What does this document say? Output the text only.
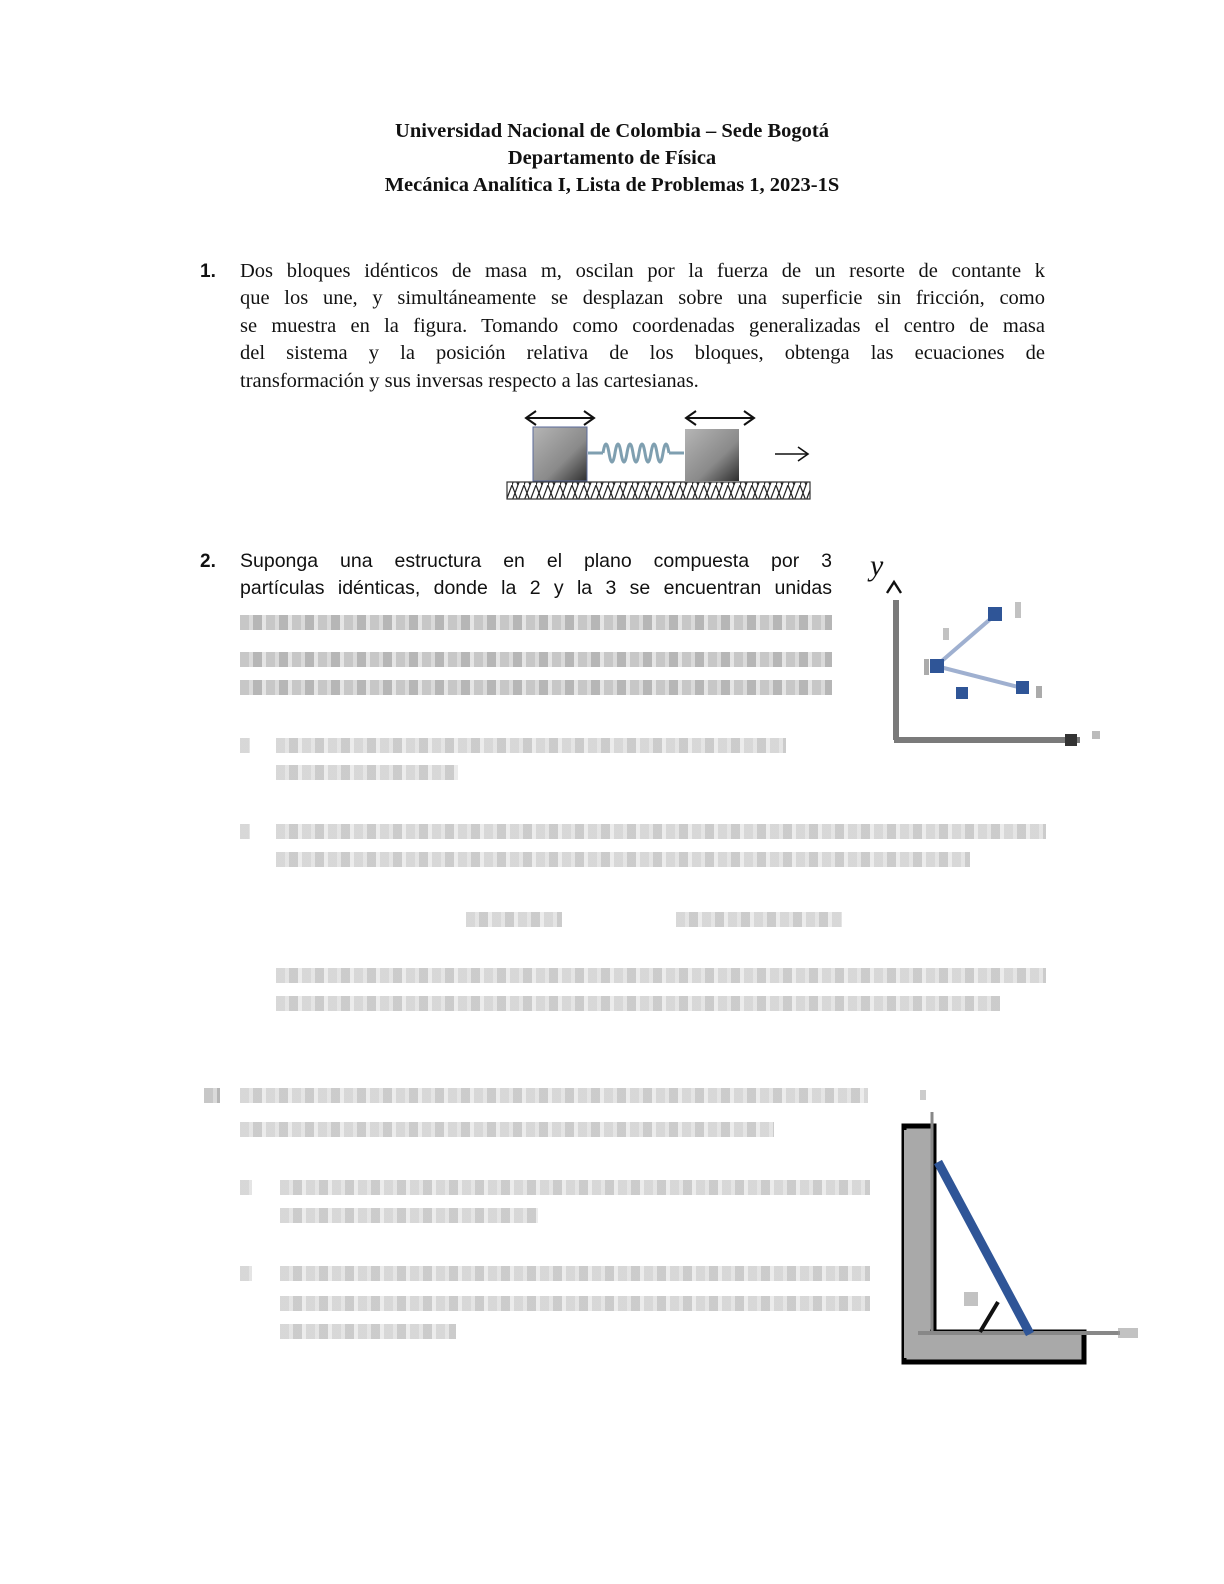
Universidad Nacional de Colombia – Sede Bogotá
Departamento de Física
Mecánica Analítica I, Lista de Problemas 1, 2023-1S
1. Dos bloques idénticos de masa m, oscilan por la fuerza de un resorte de contante k
que los une, y simultáneamente se desplazan sobre una superficie sin fricción, como
se muestra en la figura. Tomando como coordenadas generalizadas el centro de masa
del sistema y la posición relativa de los bloques, obtenga las ecuaciones de
transformación y sus inversas respecto a las cartesianas.
2. Suponga una estructura en el plano compuesta por 3
partículas idénticas, donde la 2 y la 3 se encuentran unidas
y
